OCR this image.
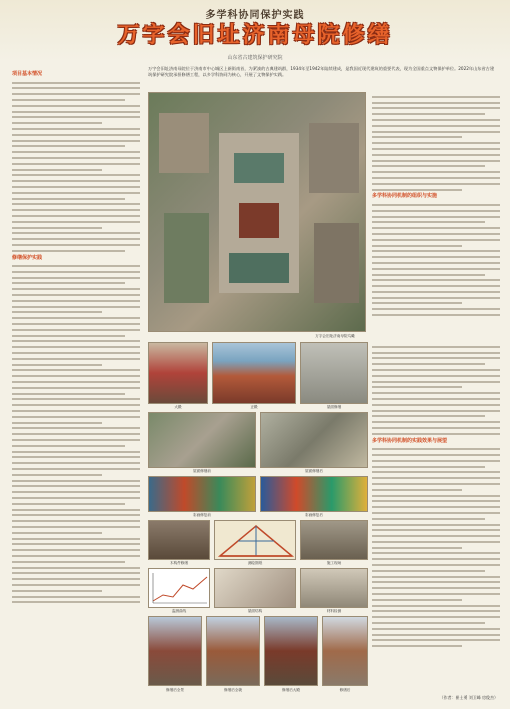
多学科协同保护实践
万字会旧址济南母院修缮
山东省古建筑保护研究院
万字会旧址济南母院位于济南市中心城区上新街南首，为紧凑的古典建筑群，1934年至1942年陆续建成，是我国近现代建筑的重要代表，现为全国重点文物保护单位。2022年山东省古建筑保护研究院承担修缮工程，以多学科协同为核心，开展了文物保护实践。
项目基本情况
修缮保护实践
万字会旧址济南母院鸟瞰
多学科协同机制的组织与实施
大殿	正殿	屋面修缮
屋面修缮前	屋面修缮后
彩画修复前	彩画修复后
木构件修缮	测绘图纸	施工现场
监测曲线	屋面结构	材料检测
修缮后全景	修缮后全貌	修缮后大殿	修缮后
多学科协同机制的实践效果与展望
（作者：崔士勇 刘卫峰 房俊杰）
